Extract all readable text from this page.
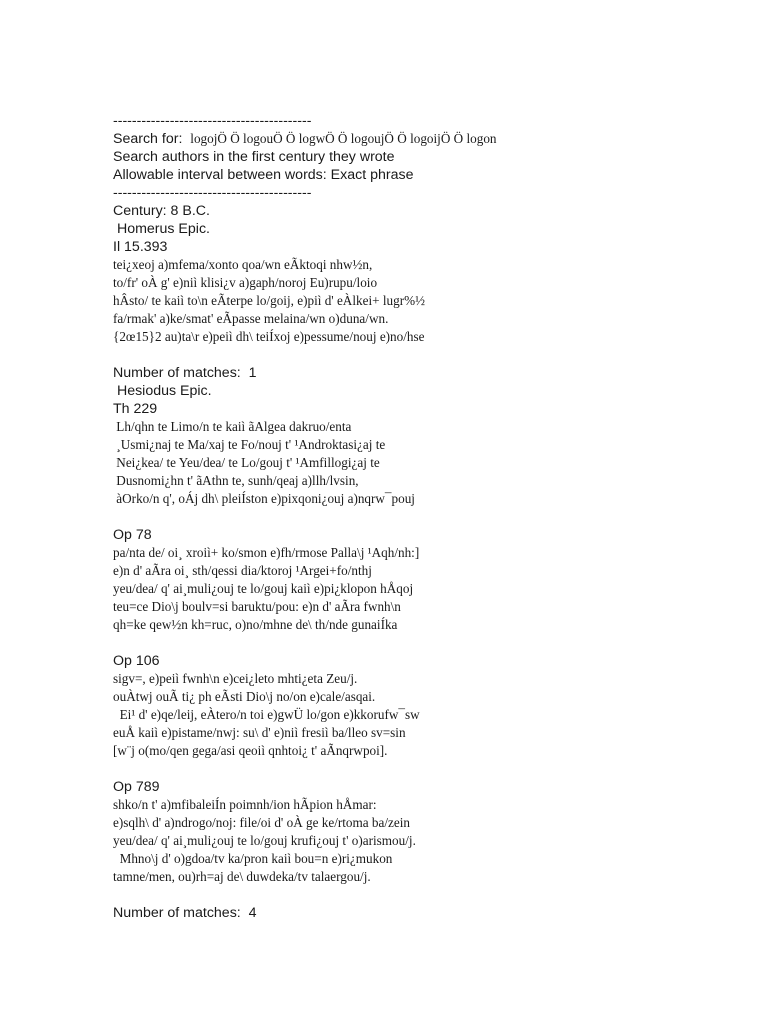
------------------------------------------
Search for:  logojÖ Ö logouÖ Ö logwÖ Ö logoujÖ Ö logoijÖ Ö logon
Search authors in the first century they wrote
Allowable interval between words: Exact phrase
------------------------------------------
Century: 8 B.C.
Homerus Epic.
Il 15.393
tei¿xeoj a)mfema/xonto qoa/wn eÃktoqi nhw½n,
to/fr' oÀ g' e)niì klisi¿v a)gaph/noroj Eu)rupu/loio
hÂsto/ te kaiì to\n eÃterpe lo/goij, e)piì d' eÀlkei+ lugr%½
fa/rmak' a)ke/smat' eÃpasse melaina/wn o)duna/wn.
{2œ15}2 au)ta\r e)peiì dh\ teiÍxoj e)pessume/nouj e)no/hse
Number of matches:  1
Hesiodus Epic.
Th 229
Lh/qhn te Limo/n te kaiì ãAlgea dakruo/enta
¸Usmi¿naj te Ma/xaj te Fo/nouj t' ¹Androktasi¿aj te
Nei¿kea/ te Yeu/dea/ te Lo/gouj t' ¹Amfillogi¿aj te
Dusnomi¿hn t' ãAthn te, sunh/qeaj a)llh/lvsin,
àOrko/n q', oÁj dh\ pleiÍston e)pixqoni¿ouj a)nqrw¯pouj
Op 78
pa/nta de/ oi¸ xroiì+ ko/smon e)fh/rmose Palla\j ¹Aqh/nh:]
e)n d' aÃra oi¸ sth/qessi dia/ktoroj ¹Argei+fo/nthj
yeu/dea/ q' ai¸muli¿ouj te lo/gouj kaiì e)pi¿klopon hÅqoj
teu=ce Dio\j boulv=si baruktu/pou: e)n d' aÃra fwnh\n
qh=ke qew½n kh=ruc, o)no/mhne de\ th/nde gunaiÍka
Op 106
sigv=, e)peiì fwnh\n e)cei¿leto mhti¿eta Zeu/j.
ouÀtwj ouÃ ti¿ ph eÃsti Dio\j no/on e)cale/asqai.
Ei¹ d' e)qe/leij, eÀtero/n toi e)gwÜ lo/gon e)kkorufw¯sw
euÅ kaiì e)pistame/nwj: su\ d' e)niì fresiì ba/lleo sv=sin
[w¨j o(mo/qen gega/asi qeoiì qnhtoi¿ t' aÃnqrwpoi].
Op 789
shko/n t' a)mfibaleiÍn poimnh/ion hÃpion hÅmar:
e)sqlh\ d' a)ndrogo/noj: file/oi d' oÀ ge ke/rtoma ba/zein
yeu/dea/ q' ai¸muli¿ouj te lo/gouj krufi¿ouj t' o)arismou/j.
Mhno\j d' o)gdoa/tv ka/pron kaiì bou=n e)ri¿mukon
tamne/men, ou)rh=aj de\ duwdeka/tv talaergou/j.
Number of matches:  4
